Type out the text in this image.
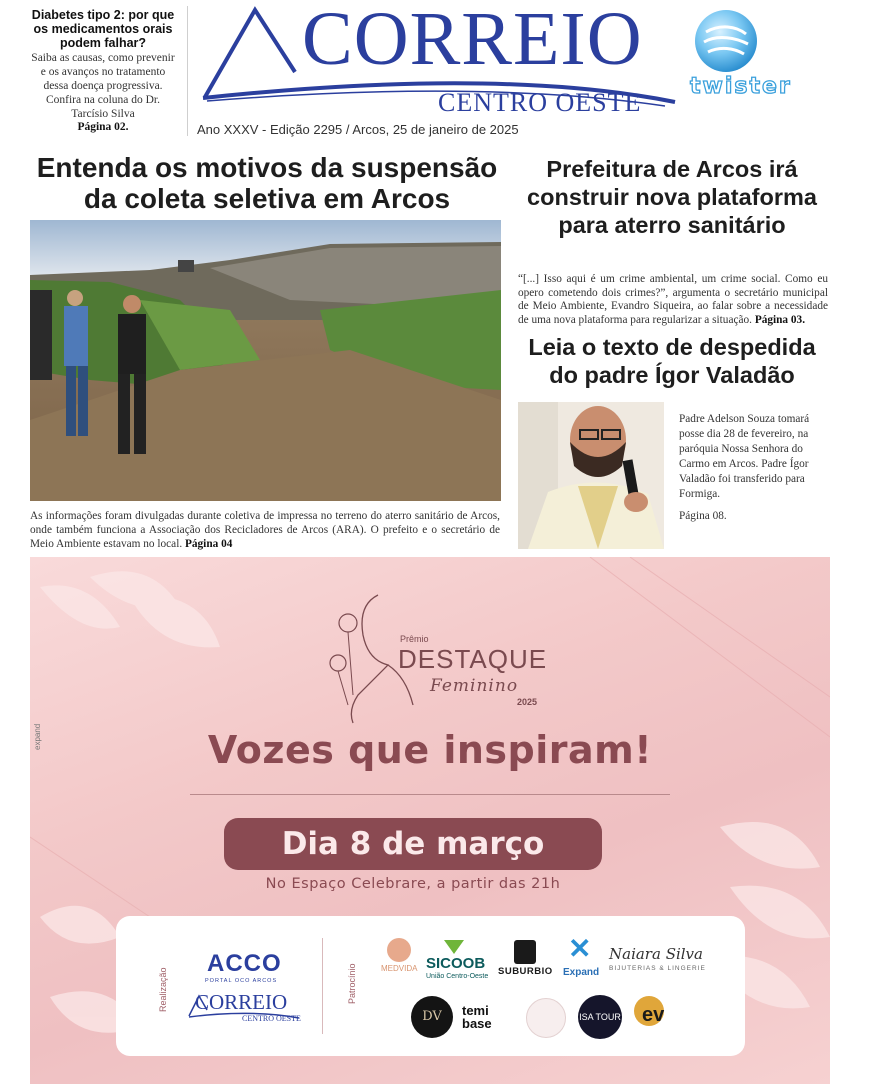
Diabetes tipo 2: por que os medicamentos orais podem falhar?
Saiba as causas, como prevenir e os avanços no tratamento dessa doença progressiva. Confira na coluna do Dr. Tarcísio Silva
Página 02.
CORREIO
CENTRO OESTE
Ano XXXV - Edição 2295 / Arcos, 25 de janeiro de 2025
twister
Entenda os motivos da suspensão da coleta seletiva em Arcos
As informações foram divulgadas durante coletiva de impressa no terreno do aterro sanitário de Arcos, onde também funciona a Associação dos Recicladores de Arcos (ARA). O prefeito e o secretário de Meio Ambiente estavam no local. Página 04
Prefeitura de Arcos irá construir nova plataforma para aterro sanitário
“[...] Isso aqui é um crime ambiental, um crime social. Como eu opero cometendo dois crimes?”, argumenta o secretário municipal de Meio Ambiente, Evandro Siqueira, ao falar sobre a necessidade de uma nova plataforma para regularizar a situação. Página 03.
Leia o texto de despedida do padre Ígor Valadão
Padre Adelson Souza tomará posse dia 28 de fevereiro, na paróquia Nossa Senhora do Carmo em Arcos. Padre Ígor Valadão foi transferido para Formiga.
Página 08.
expand
Prêmio
DESTAQUE
Feminino
2025
Vozes que inspiram!
Dia 8 de março
No Espaço Celebrare, a partir das 21h
Realização	Patrocínio
ACCO
PORTAL OCO ARCOS
CORREIO
CENTRO OESTE
MEDVIDA SICOOB
União Centro-Oeste SUBURBIO
✕
Expand
Naiara Silva
BIJUTERIAS & LINGERIE
DV	temi base	ISA TOUR ev
